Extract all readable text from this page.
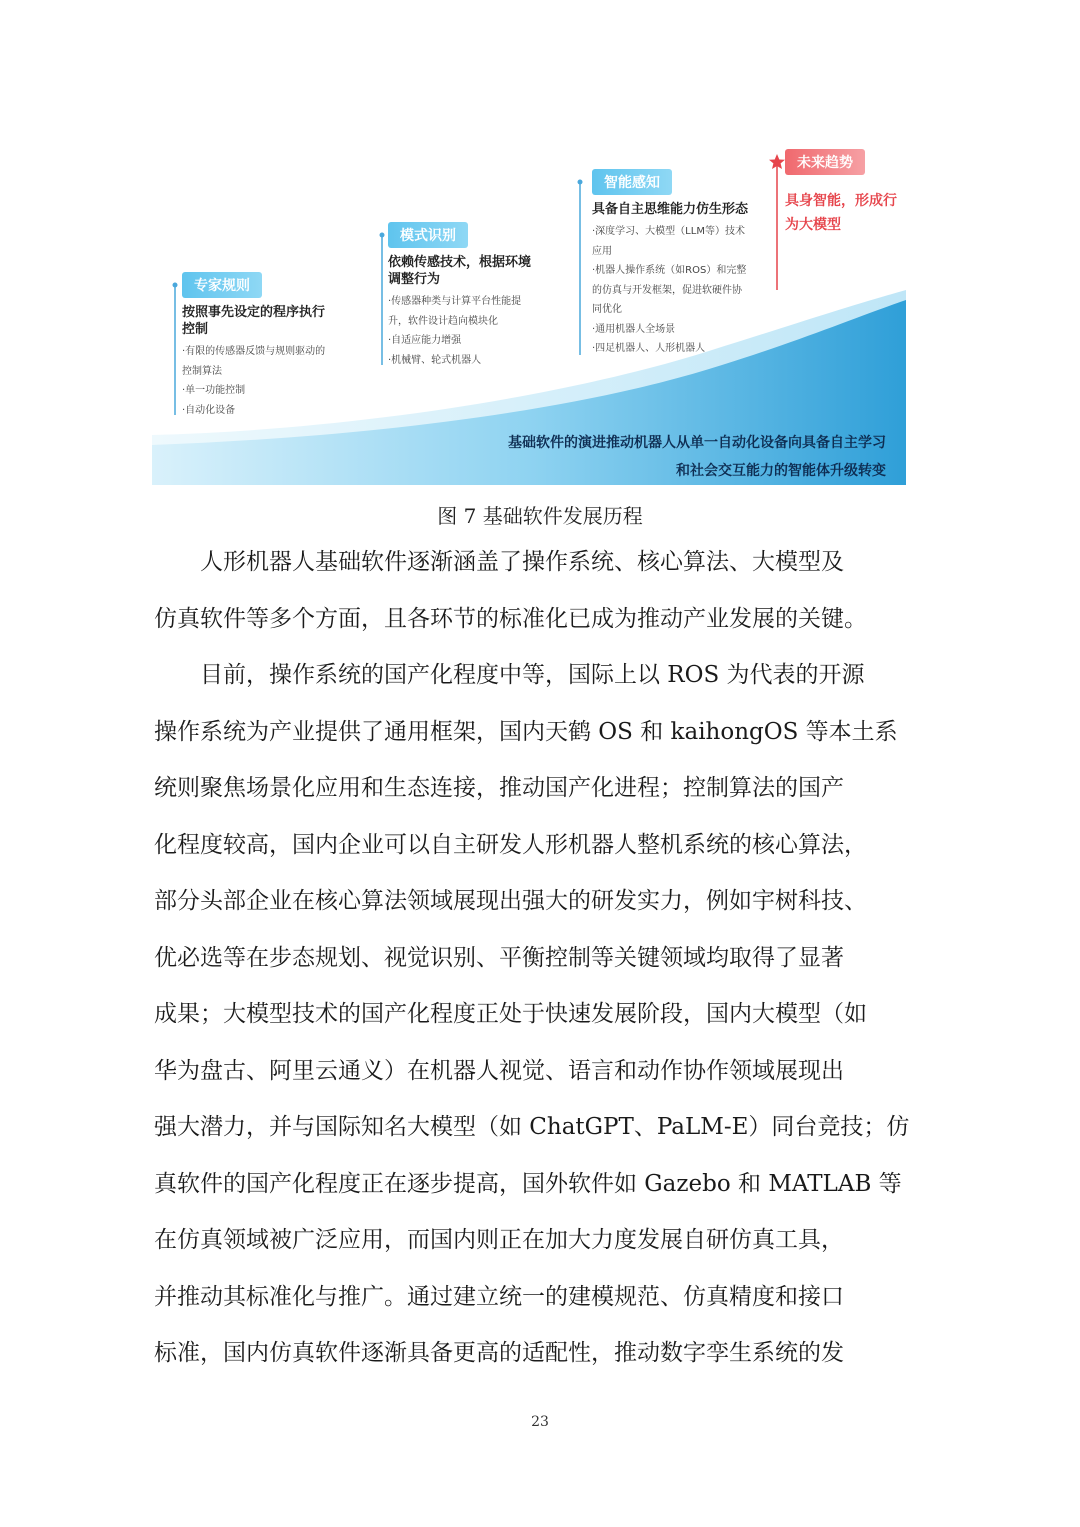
专家规则
按照事先设定的程序执行控制
·有限的传感器反馈与规则驱动的控制算法
·单一功能控制
·自动化设备
模式识别
依赖传感技术，根据环境调整行为
·传感器种类与计算平台性能提升，软件设计趋向模块化
·自适应能力增强
·机械臂、轮式机器人
智能感知
具备自主思维能力仿生形态
·深度学习、大模型（LLM等）技术应用
·机器人操作系统（如ROS）和完整的仿真与开发框架，促进软硬件协同优化
·通用机器人全场景
·四足机器人、人形机器人
未来趋势
具身智能，形成行为大模型
基础软件的演进推动机器人从单一自动化设备向具备自主学习
和社会交互能力的智能体升级转变
图 7 基础软件发展历程
　　人形机器人基础软件逐渐涵盖了操作系统、核心算法、大模型及
仿真软件等多个方面，且各环节的标准化已成为推动产业发展的关键。
　　目前，操作系统的国产化程度中等，国际上以 ROS 为代表的开源
操作系统为产业提供了通用框架，国内天鹤 OS 和 kaihongOS 等本土系
统则聚焦场景化应用和生态连接，推动国产化进程；控制算法的国产
化程度较高，国内企业可以自主研发人形机器人整机系统的核心算法，
部分头部企业在核心算法领域展现出强大的研发实力，例如宇树科技、
优必选等在步态规划、视觉识别、平衡控制等关键领域均取得了显著
成果；大模型技术的国产化程度正处于快速发展阶段，国内大模型（如
华为盘古、阿里云通义）在机器人视觉、语言和动作协作领域展现出
强大潜力，并与国际知名大模型（如 ChatGPT、PaLM-E）同台竞技；仿
真软件的国产化程度正在逐步提高，国外软件如 Gazebo 和 MATLAB 等
在仿真领域被广泛应用，而国内则正在加大力度发展自研仿真工具，
并推动其标准化与推广。通过建立统一的建模规范、仿真精度和接口
标准，国内仿真软件逐渐具备更高的适配性，推动数字孪生系统的发
23
